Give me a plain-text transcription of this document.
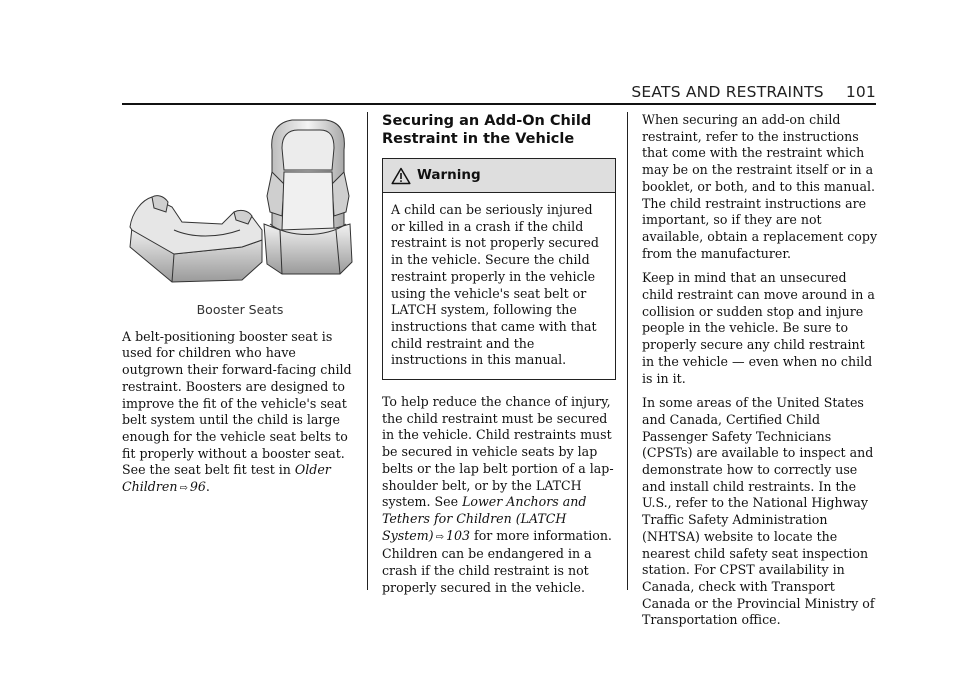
SEATS AND RESTRAINTS 101
Booster Seats

A belt-positioning booster seat is used for children who have outgrown their forward-facing child restraint. Boosters are designed to improve the fit of the vehicle's seat belt system until the child is large enough for the vehicle seat belts to fit properly without a booster seat. See the seat belt fit test in Older Children ⇨ 96.

Securing an Add-On Child Restraint in the Vehicle
Warning

A child can be seriously injured or killed in a crash if the child restraint is not properly secured in the vehicle. Secure the child restraint properly in the vehicle using the vehicle's seat belt or LATCH system, following the instructions that came with that child restraint and the instructions in this manual.

To help reduce the chance of injury, the child restraint must be secured in the vehicle. Child restraints must be secured in vehicle seats by lap belts or the lap belt portion of a lap-shoulder belt, or by the LATCH system. See Lower Anchors and Tethers for Children (LATCH System) ⇨ 103 for more information. Children can be endangered in a crash if the child restraint is not properly secured in the vehicle.

When securing an add-on child restraint, refer to the instructions that come with the restraint which may be on the restraint itself or in a booklet, or both, and to this manual. The child restraint instructions are important, so if they are not available, obtain a replacement copy from the manufacturer.

Keep in mind that an unsecured child restraint can move around in a collision or sudden stop and injure people in the vehicle. Be sure to properly secure any child restraint in the vehicle — even when no child is in it.

In some areas of the United States and Canada, Certified Child Passenger Safety Technicians (CPSTs) are available to inspect and demonstrate how to correctly use and install child restraints. In the U.S., refer to the National Highway Traffic Safety Administration (NHTSA) website to locate the nearest child safety seat inspection station. For CPST availability in Canada, check with Transport Canada or the Provincial Ministry of Transportation office.
